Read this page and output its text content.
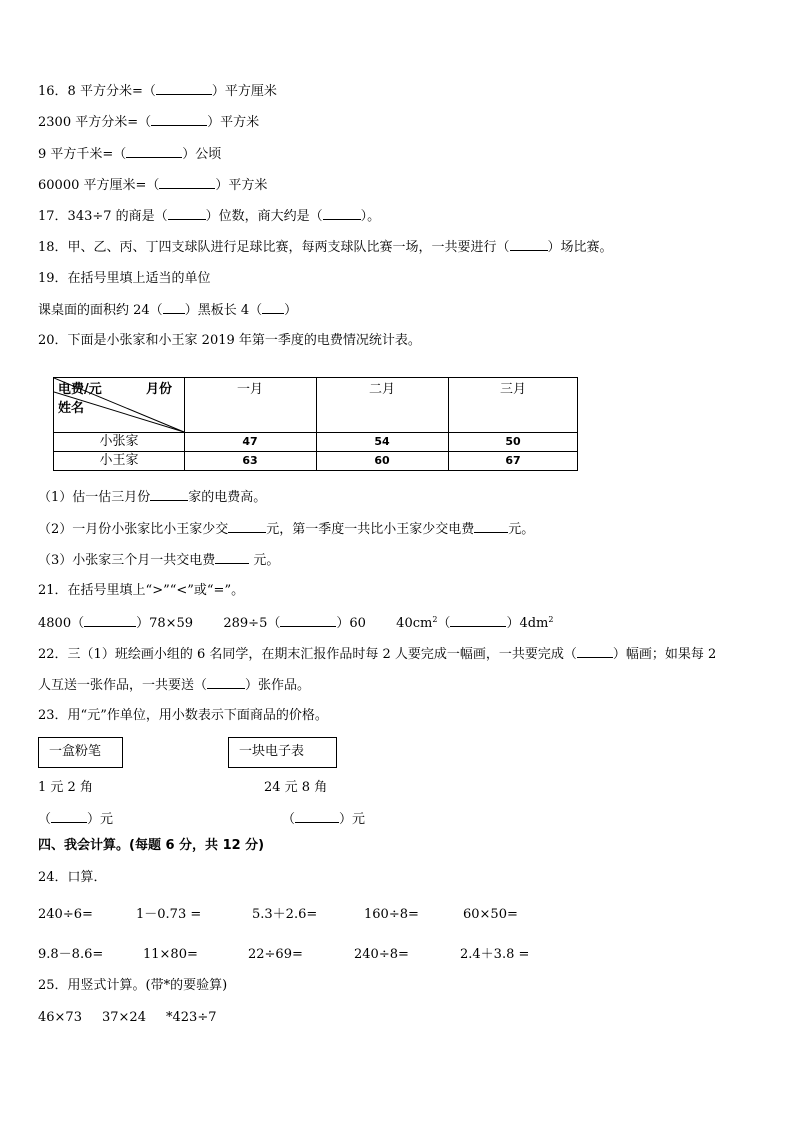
16．8 平方分米=（	）平方厘米
2300 平方分米=（	）平方米
9 平方千米=（	）公顷
60000 平方厘米=（	）平方米
17．343÷7 的商是（	）位数，商大约是（	）。
18．甲、乙、丙、丁四支球队进行足球比赛，每两支球队比赛一场，一共要进行（	）场比赛。
19．在括号里填上适当的单位
课桌面的面积约 24（ ）黑板长 4（ ）
20．下面是小张家和小王家 2019 年第一季度的电费情况统计表。
电费/元	月份
姓名
一月	二月	三月
小张家	47	54	50
小王家	63	60	67
（1）估一估三月份	家的电费高。
（2）一月份小张家比小王家少交	元，第一季度一共比小王家少交电费	元。
（3）小张家三个月一共交电费	元。
21．在括号里填上“>”“<”或“=”。
4800（	）78×59 289÷5（	）60 $40cm^2$（	）$4dm^2$
22．三（1）班绘画小组的 6 名同学，在期末汇报作品时每 2 人要完成一幅画，一共要完成（	）幅画；如果每 2
人互送一张作品，一共要送（	）张作品。
23．用“元”作单位，用小数表示下面商品的价格。
一盒粉笔	一块电子表
1 元 2 角	24 元 8 角
（	）元	（	）元
四、我会计算。(每题 6 分，共 12 分)
24．口算．
240÷6=	1－0.73 =	5.3＋2.6=	160÷8=	60×50=
9.8－8.6=	11×80=	22÷69=	240÷8=	2.4＋3.8 =
25．用竖式计算。(带*的要验算)
46×73 37×24 *423÷7
